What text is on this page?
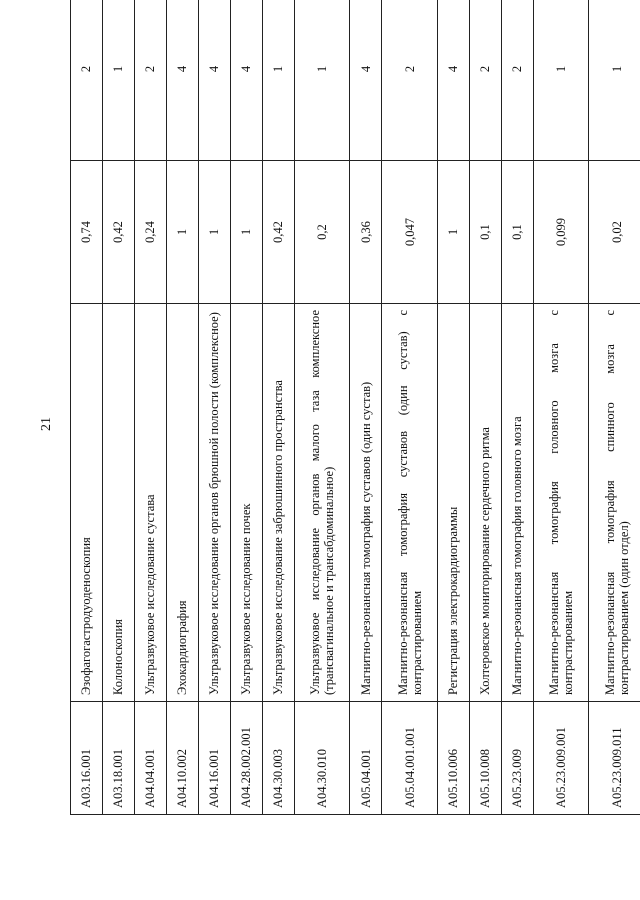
21
A03.16.001	Эзофагогастродуоденоскопия	0,74	2
A03.18.001	Колоноскопия	0,42	1
A04.04.001	Ультразвуковое исследование сустава	0,24	2
A04.10.002	Эхокардиография	1	4
A04.16.001	Ультразвуковое исследование органов брюшной полости (комплексное)	1	4
A04.28.002.001	Ультразвуковое исследование почек	1	4
A04.30.003	Ультразвуковое исследование забрюшинного пространства	0,42	1
A04.30.010	Ультразвуковое исследование органов малого таза комплексное (трансвагинальное и трансабдоминальное)	0,2	1
A05.04.001	Магнитно-резонансная томография суставов (один сустав)	0,36	4
A05.04.001.001	Магнитно-резонансная томография суставов (один сустав) с контрастированием	0,047	2
A05.10.006	Регистрация электрокардиограммы	1	4
A05.10.008	Холтеровское мониторирование сердечного ритма	0,1	2
A05.23.009	Магнитно-резонансная томография головного мозга	0,1	2
A05.23.009.001	Магнитно-резонансная томография головного мозга с контрастированием	0,099	1
A05.23.009.011	Магнитно-резонансная томография спинного мозга с контрастированием (один отдел)	0,02	1
